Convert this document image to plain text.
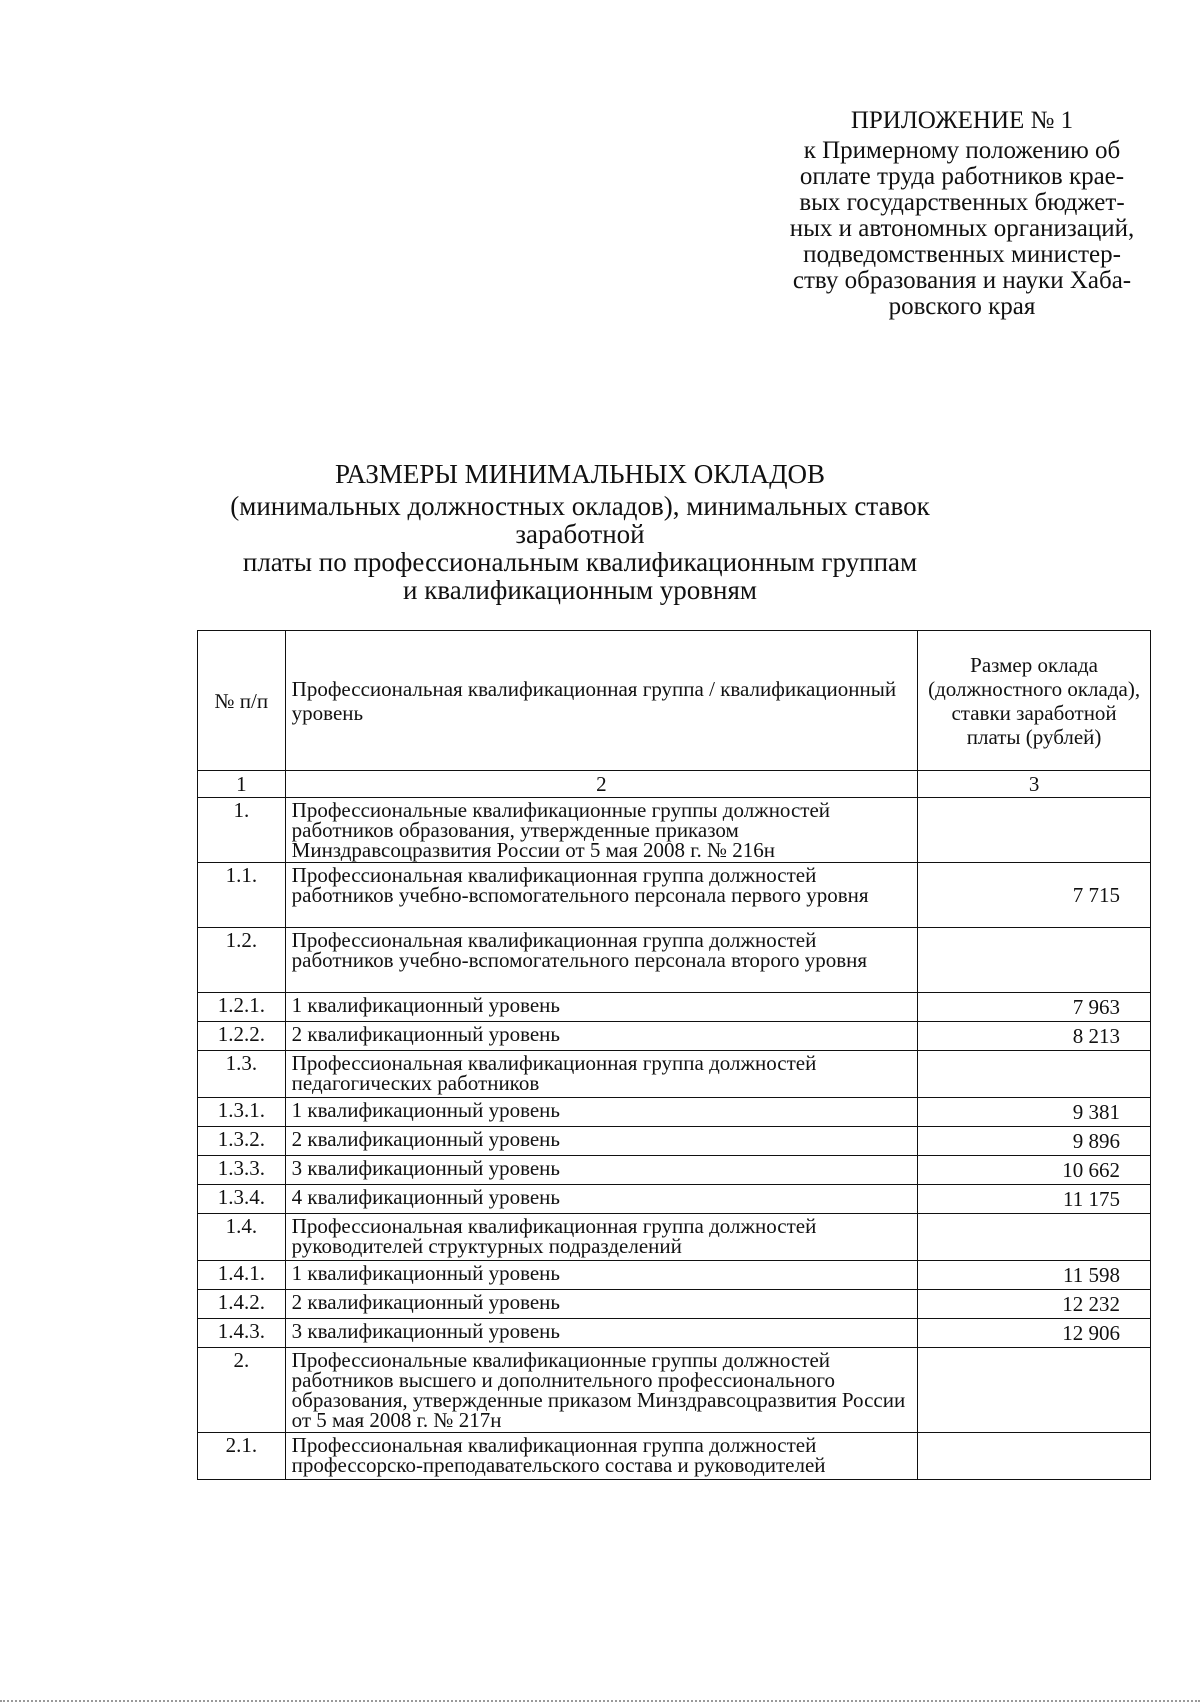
ПРИЛОЖЕНИЕ № 1
к Примерному положению об
оплате труда работников крае-
вых государственных бюджет-
ных и автономных организаций,
подведомственных министер-
ству образования и науки Хаба-
ровского края
РАЗМЕРЫ МИНИМАЛЬНЫХ ОКЛАДОВ
(минимальных должностных окладов), минимальных ставок заработной
платы по профессиональным квалификационным группам
и квалификационным уровням
№ п/п	Профессиональная квалификационная группа / квалификационный уровень	Размер оклада (должностного оклада), ставки заработной платы (рублей)
1	2	3
1.	Профессиональные квалификационные группы должностей работников образования, утвержденные приказом Минздравсоцразвития России от 5 мая 2008 г. № 216н	
1.1.	Профессиональная квалификационная группа должностей работников учебно-вспомогательного персонала первого уровня	7 715
1.2.	Профессиональная квалификационная группа должностей работников учебно-вспомогательного персонала второго уровня	
1.2.1.	1 квалификационный уровень	7 963
1.2.2.	2 квалификационный уровень	8 213
1.3.	Профессиональная квалификационная группа должностей педагогических работников	
1.3.1.	1 квалификационный уровень	9 381
1.3.2.	2 квалификационный уровень	9 896
1.3.3.	3 квалификационный уровень	10 662
1.3.4.	4 квалификационный уровень	11 175
1.4.	Профессиональная квалификационная группа должностей руководителей структурных подразделений	
1.4.1.	1 квалификационный уровень	11 598
1.4.2.	2 квалификационный уровень	12 232
1.4.3.	3 квалификационный уровень	12 906
2.	Профессиональные квалификационные группы должностей работников высшего и дополнительного профессионального образования, утвержденные приказом Минздравсоцразвития России от 5 мая 2008 г. № 217н	
2.1.	Профессиональная квалификационная группа должностей профессорско-преподавательского состава и руководителей	
